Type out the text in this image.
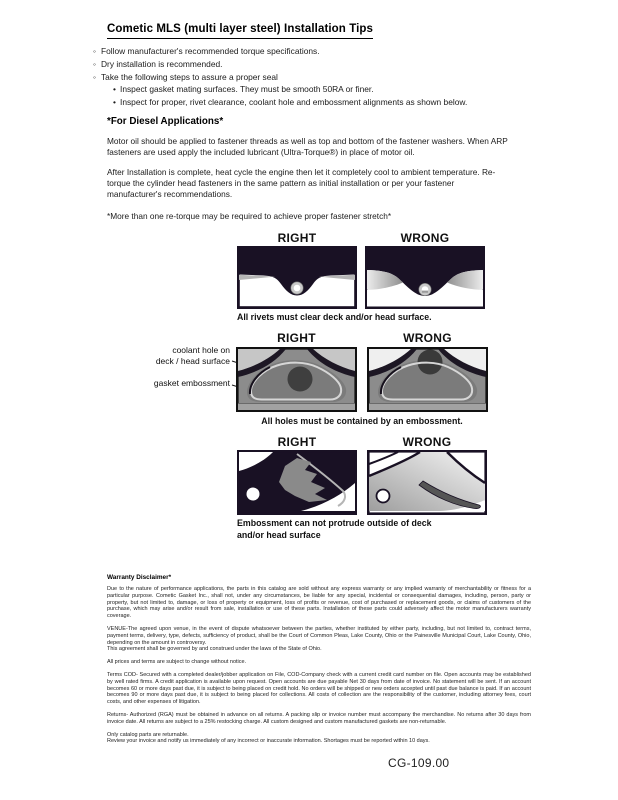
Cometic MLS (multi layer steel) Installation Tips
◦ Follow manufacturer's recommended torque specifications.
◦ Dry installation is recommended.
◦ Take the following steps to assure a proper seal
• Inspect gasket mating surfaces. They must be smooth 50RA or finer.
• Inspect for proper, rivet clearance, coolant hole and embossment alignments as shown below.
*For Diesel Applications*

Motor oil should be applied to fastener threads as well as top and bottom of the fastener washers. When ARP fasteners are used apply the included lubricant (Ultra-Torque®) in place of motor oil.

After Installation is complete, heat cycle the engine then let it completely cool to ambient temperature. Re-torque the cylinder head fasteners in the same pattern as initial installation or per your fastener manufacturer's recommendations.

*More than one re-torque may be required to achieve proper fastener stretch*

RIGHT	WRONG
All rivets must clear deck and/or head surface.
coolant hole on
deck / head surface
gasket embossment
RIGHT	WRONG
All holes must be contained by an embossment.
RIGHT	WRONG
Embossment can not protrude outside of deck
and/or head surface
Warranty Disclaimer*

Due to the nature of performance applications, the parts in this catalog are sold without any express warranty or any implied warranty of merchantability or fitness for a particular purpose. Cometic Gasket Inc., shall not, under any circumstances, be liable for any special, incidental or consequential damages, including, person, party or property, but not limited to, damage, or loss of property or equipment, loss of profits or revenue, cost of purchased or replacement goods, or claims of customers of the purchase, which may arise and/or result from sale, installation or use of these parts. Installation of these parts could adversely affect the motor manufacturers warranty coverage.

VENUE-The agreed upon venue, in the event of dispute whatsoever between the parties, whether instituted by either party, including, but not limited to, contract terms, payment terms, delivery, type, defects, sufficiency of product, shall be the Court of Common Pleas, Lake County, Ohio or the Painesville Municipal Court, Lake County, Ohio, depending on the amount in controversy.

This agreement shall be governed by and construed under the laws of the State of Ohio.

All prices and terms are subject to change without notice.

Terms COD- Secured with a completed dealer/jobber application on File, COD-Company check with a current credit card number on file. Open accounts may be established by well rated firms. A credit application is available upon request. Open accounts are due payable Net 30 days from date of invoice. No statement will be sent. If an account becomes 60 or more days past due, it is subject to being placed on credit hold. No orders will be shipped or new orders accepted until past due balance is paid. If an account becomes 90 or more days past due, it is subject to being placed for collections. All costs of collection are the responsibility of the customer, including attorney fees, court costs, and other expenses of litigation.

Returns- Authorized (RGA) must be obtained in advance on all returns. A packing slip or invoice number must accompany the merchandise. No returns after 30 days from invoice date. All returns are subject to a 25% restocking charge. All custom designed and custom manufactured gaskets are non-returnable.

Only catalog parts are returnable.

Review your invoice and notify us immediately of any incorrect or inaccurate information. Shortages must be reported within 10 days.

CG-109.00
